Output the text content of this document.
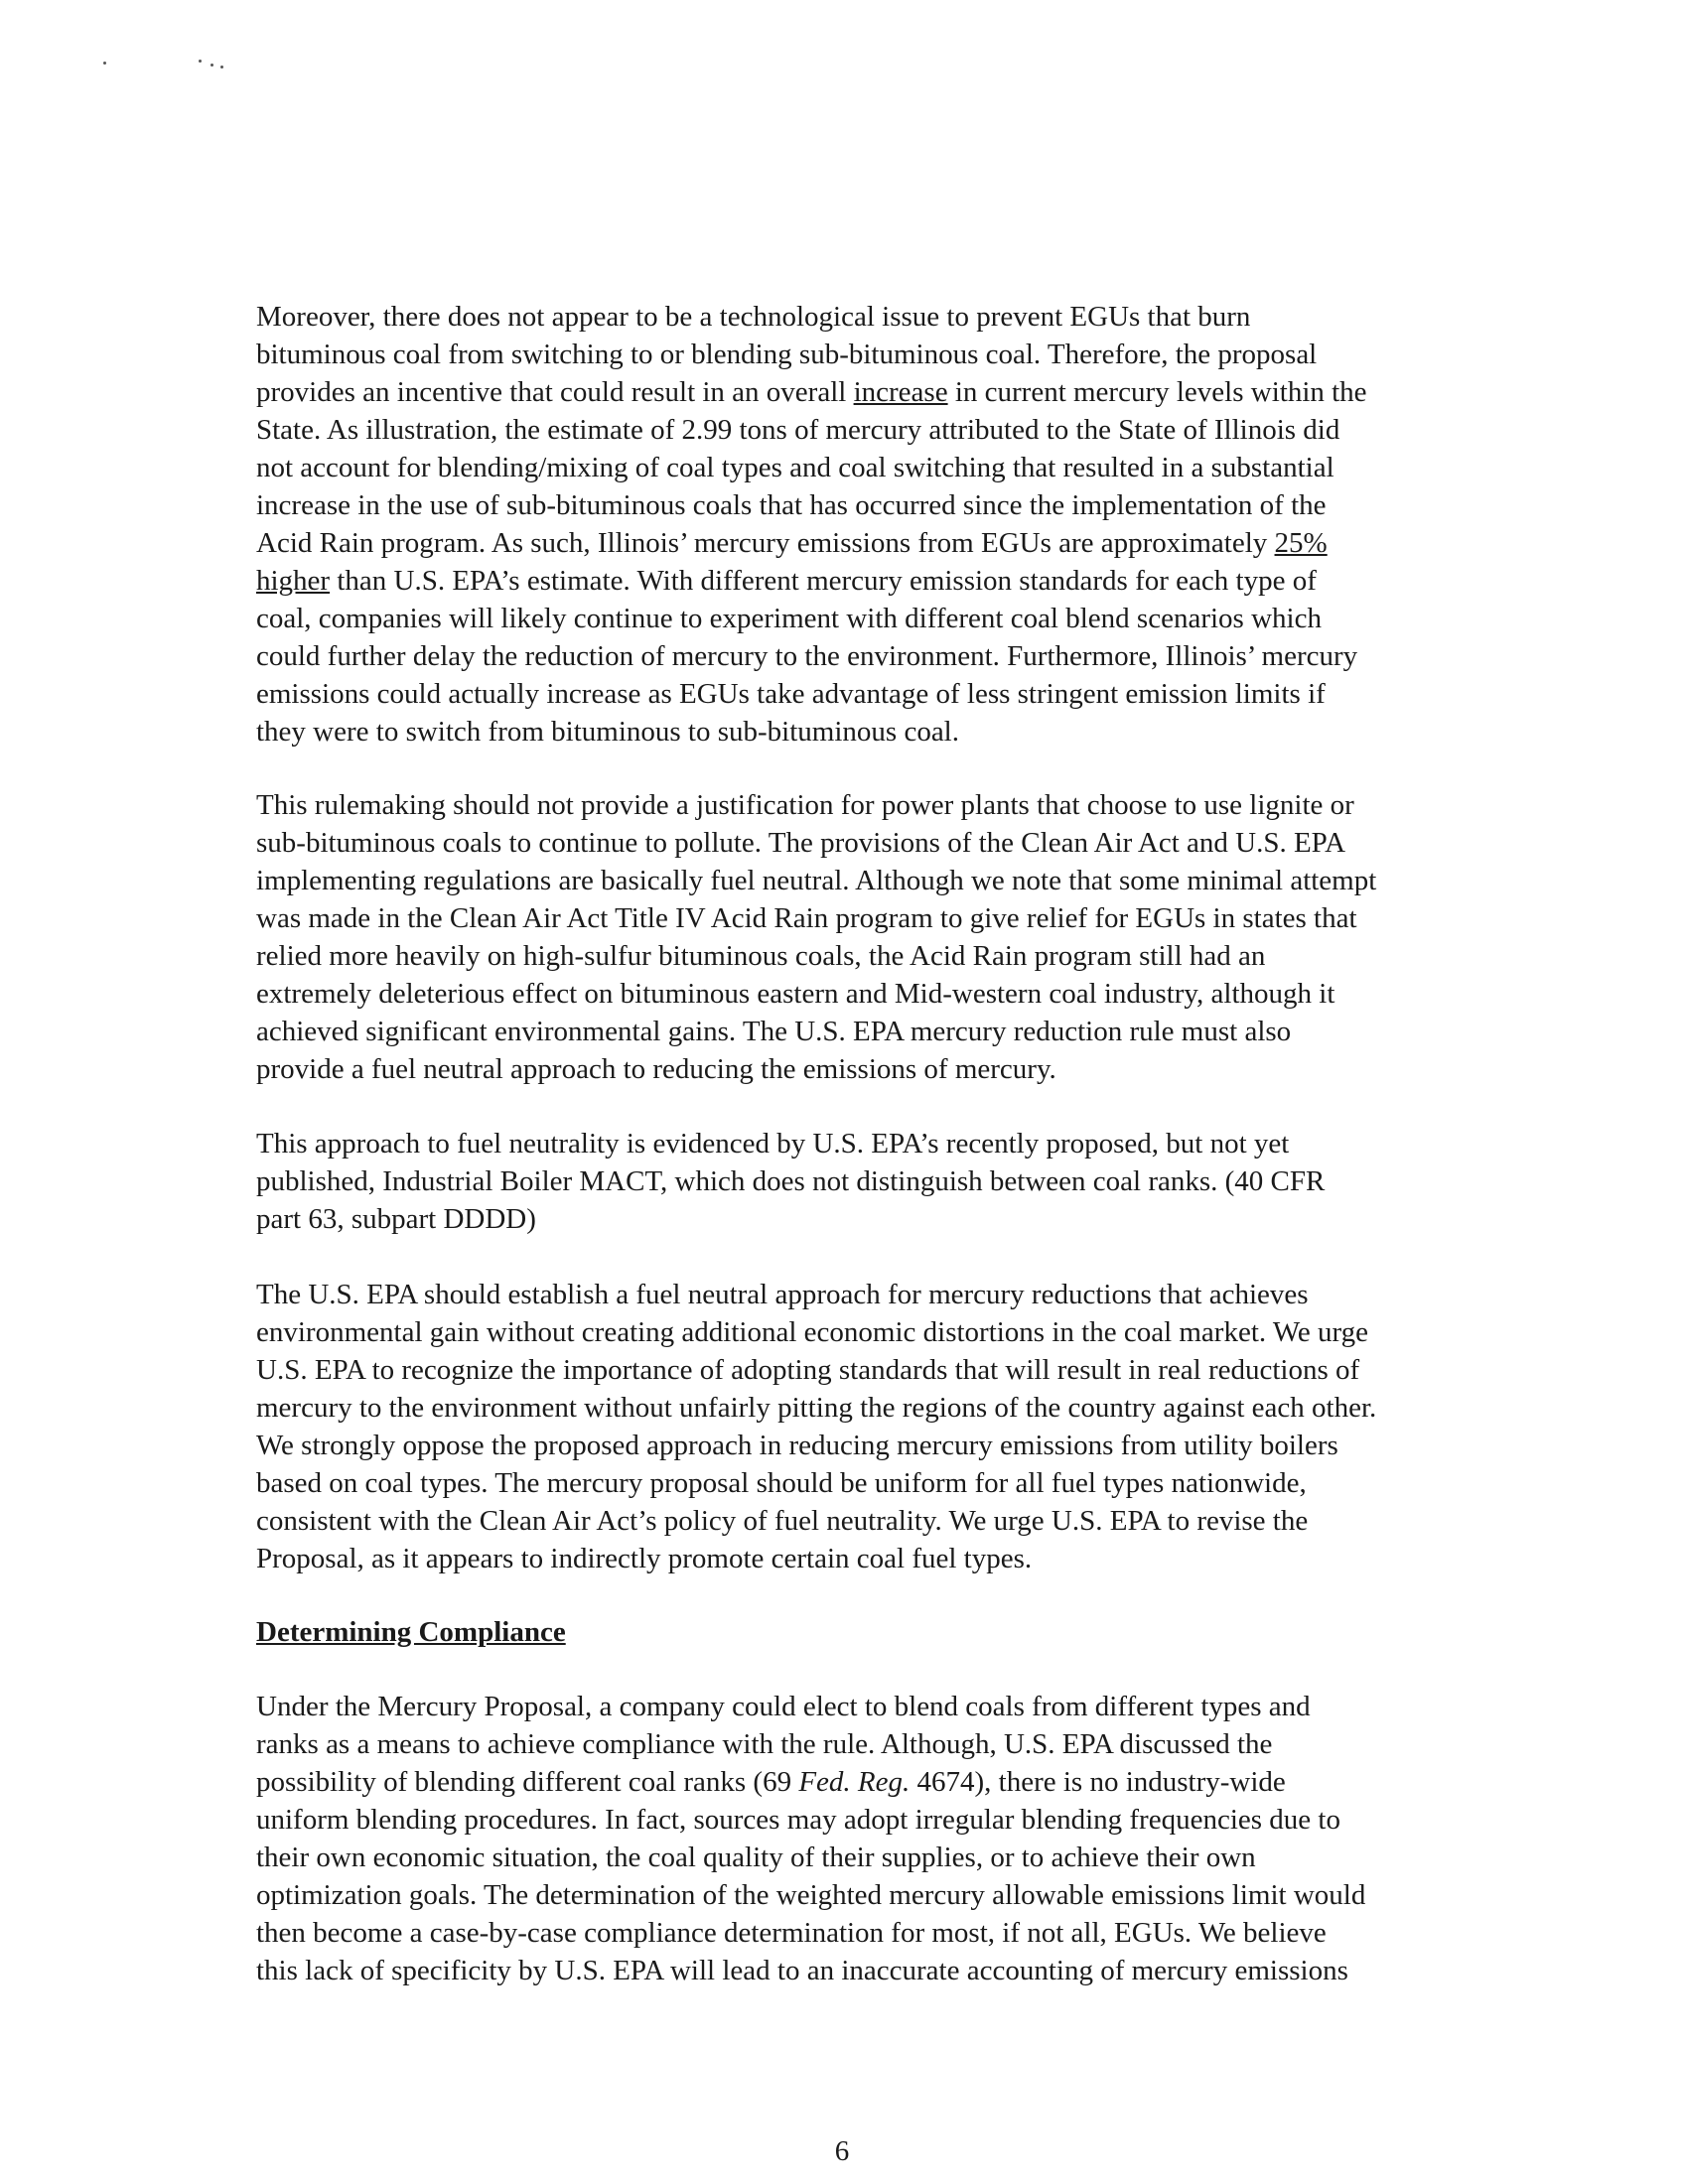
Moreover, there does not appear to be a technological issue to prevent EGUs that burn
bituminous coal from switching to or blending sub-bituminous coal. Therefore, the proposal
provides an incentive that could result in an overall increase in current mercury levels within the
State. As illustration, the estimate of 2.99 tons of mercury attributed to the State of Illinois did
not account for blending/mixing of coal types and coal switching that resulted in a substantial
increase in the use of sub-bituminous coals that has occurred since the implementation of the
Acid Rain program. As such, Illinois’ mercury emissions from EGUs are approximately 25%
higher than U.S. EPA’s estimate. With different mercury emission standards for each type of
coal, companies will likely continue to experiment with different coal blend scenarios which
could further delay the reduction of mercury to the environment. Furthermore, Illinois’ mercury
emissions could actually increase as EGUs take advantage of less stringent emission limits if
they were to switch from bituminous to sub-bituminous coal.
This rulemaking should not provide a justification for power plants that choose to use lignite or
sub-bituminous coals to continue to pollute. The provisions of the Clean Air Act and U.S. EPA
implementing regulations are basically fuel neutral. Although we note that some minimal attempt
was made in the Clean Air Act Title IV Acid Rain program to give relief for EGUs in states that
relied more heavily on high-sulfur bituminous coals, the Acid Rain program still had an
extremely deleterious effect on bituminous eastern and Mid-western coal industry, although it
achieved significant environmental gains. The U.S. EPA mercury reduction rule must also
provide a fuel neutral approach to reducing the emissions of mercury.
This approach to fuel neutrality is evidenced by U.S. EPA’s recently proposed, but not yet
published, Industrial Boiler MACT, which does not distinguish between coal ranks. (40 CFR
part 63, subpart DDDD)
The U.S. EPA should establish a fuel neutral approach for mercury reductions that achieves
environmental gain without creating additional economic distortions in the coal market. We urge
U.S. EPA to recognize the importance of adopting standards that will result in real reductions of
mercury to the environment without unfairly pitting the regions of the country against each other.
We strongly oppose the proposed approach in reducing mercury emissions from utility boilers
based on coal types. The mercury proposal should be uniform for all fuel types nationwide,
consistent with the Clean Air Act’s policy of fuel neutrality. We urge U.S. EPA to revise the
Proposal, as it appears to indirectly promote certain coal fuel types.
Determining Compliance
Under the Mercury Proposal, a company could elect to blend coals from different types and
ranks as a means to achieve compliance with the rule. Although, U.S. EPA discussed the
possibility of blending different coal ranks (69 Fed. Reg. 4674), there is no industry-wide
uniform blending procedures. In fact, sources may adopt irregular blending frequencies due to
their own economic situation, the coal quality of their supplies, or to achieve their own
optimization goals. The determination of the weighted mercury allowable emissions limit would
then become a case-by-case compliance determination for most, if not all, EGUs. We believe
this lack of specificity by U.S. EPA will lead to an inaccurate accounting of mercury emissions
6
